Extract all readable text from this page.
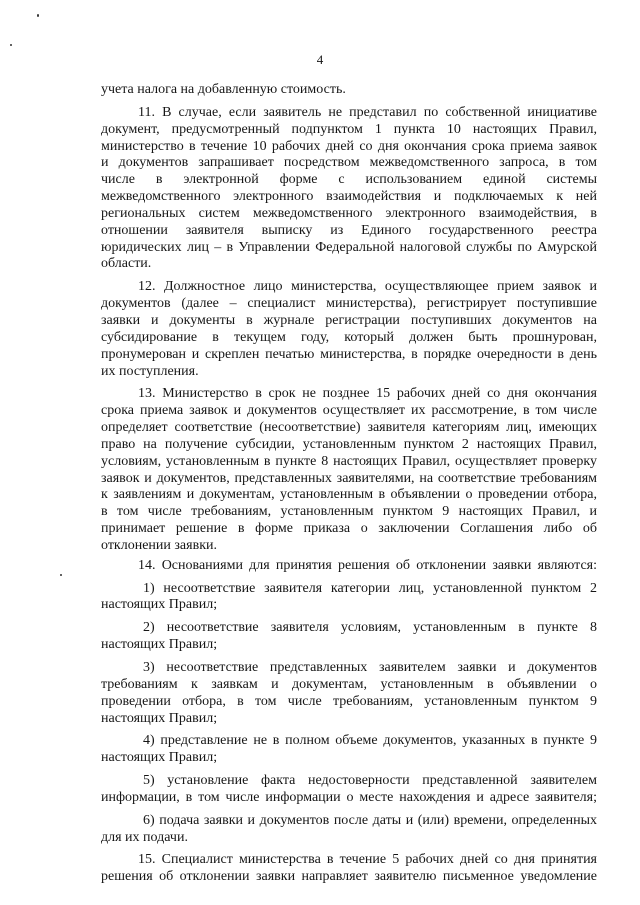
4
учета налога на добавленную стоимость.
11. В случае, если заявитель не представил по собственной инициативе
документ, предусмотренный подпунктом 1 пункта 10 настоящих Правил,
министерство в течение 10 рабочих дней со дня окончания срока приема заявок
и документов запрашивает посредством межведомственного запроса, в том
числе в электронной форме с использованием единой системы
межведомственного электронного взаимодействия и подключаемых к ней
региональных систем межведомственного электронного взаимодействия, в
отношении заявителя выписку из Единого государственного реестра
юридических лиц – в Управлении Федеральной налоговой службы по Амурской
области.
12. Должностное лицо министерства, осуществляющее прием заявок и
документов (далее – специалист министерства), регистрирует поступившие
заявки и документы в журнале регистрации поступивших документов на
субсидирование в текущем году, который должен быть прошнурован,
пронумерован и скреплен печатью министерства, в порядке очередности в день
их поступления.
13. Министерство в срок не позднее 15 рабочих дней со дня окончания
срока приема заявок и документов осуществляет их рассмотрение, в том числе
определяет соответствие (несоответствие) заявителя категориям лиц, имеющих
право на получение субсидии, установленным пунктом 2 настоящих Правил,
условиям, установленным в пункте 8 настоящих Правил, осуществляет проверку
заявок и документов, представленных заявителями, на соответствие требованиям
к заявлениям и документам, установленным в объявлении о проведении отбора,
в том числе требованиям, установленным пунктом 9 настоящих Правил, и
принимает решение в форме приказа о заключении Соглашения либо об
отклонении заявки.
14. Основаниями для принятия решения об отклонении заявки являются:
1) несоответствие заявителя категории лиц, установленной пунктом 2
настоящих Правил;
2) несоответствие заявителя условиям, установленным в пункте 8
настоящих Правил;
3) несоответствие представленных заявителем заявки и документов
требованиям к заявкам и документам, установленным в объявлении о
проведении отбора, в том числе требованиям, установленным пунктом 9
настоящих Правил;
4) представление не в полном объеме документов, указанных в пункте 9
настоящих Правил;
5) установление факта недостоверности представленной заявителем
информации, в том числе информации о месте нахождения и адресе заявителя;
6) подача заявки и документов после даты и (или) времени, определенных
для их подачи.
15. Специалист министерства в течение 5 рабочих дней со дня принятия
решения об отклонении заявки направляет заявителю письменное уведомление
